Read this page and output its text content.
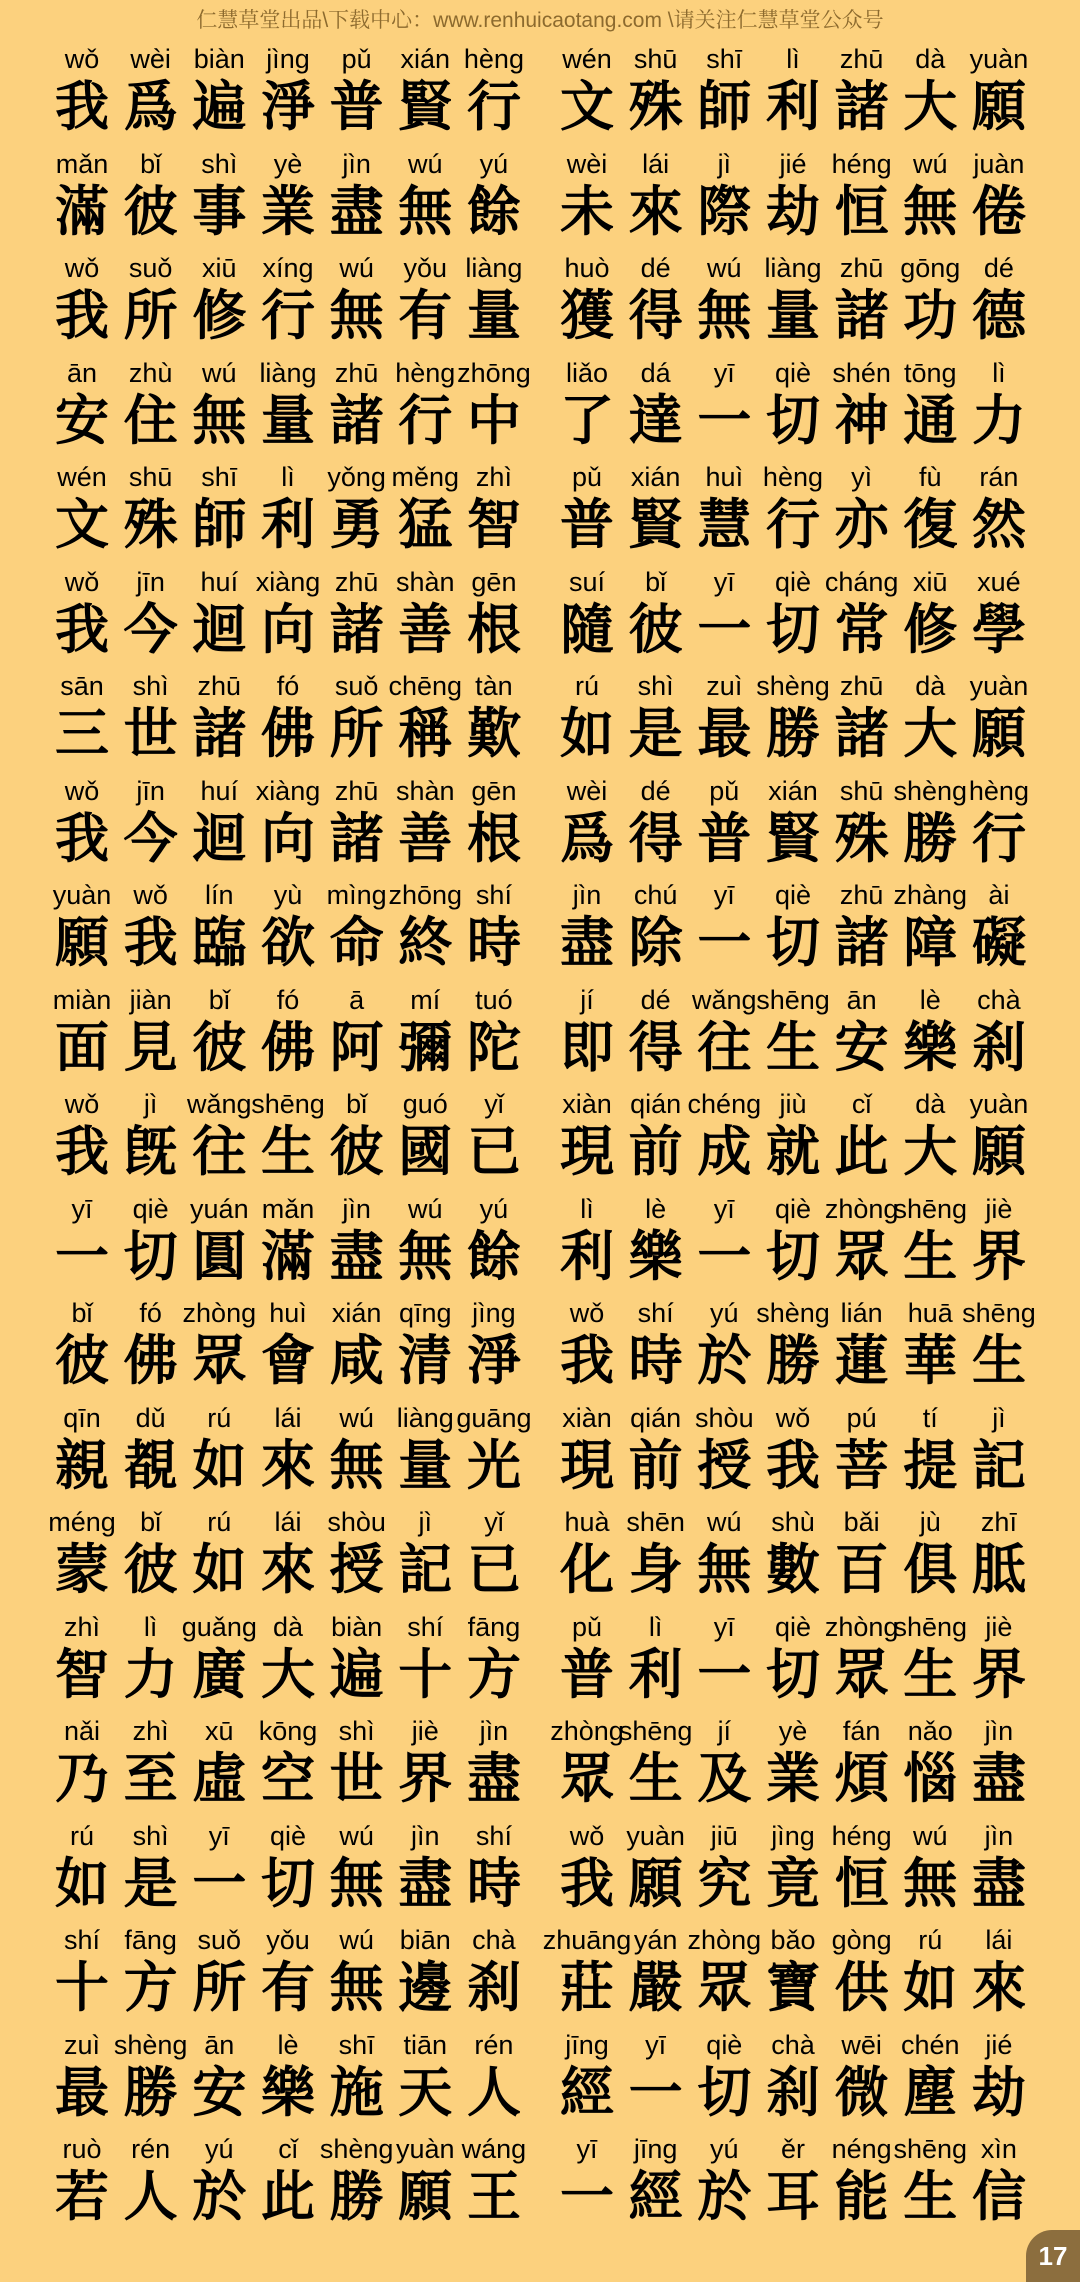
仁慧草堂出品\下载中心：www.renhuicaotang.com \请关注仁慧草堂公众号
wǒ
我
wèi
爲
biàn
遍
jìng
淨
pǔ
普
xián
賢
hèng
行
mǎn
滿
bǐ
彼
shì
事
yè
業
jìn
盡
wú
無
yú
餘
wǒ
我
suǒ
所
xiū
修
xíng
行
wú
無
yǒu
有
liàng
量
ān
安
zhù
住
wú
無
liàng
量
zhū
諸
hèng
行
zhōng
中
wén
文
shū
殊
shī
師
lì
利
yǒng
勇
měng
猛
zhì
智
wǒ
我
jīn
今
huí
迴
xiàng
向
zhū
諸
shàn
善
gēn
根
sān
三
shì
世
zhū
諸
fó
佛
suǒ
所
chēng
稱
tàn
歎
wǒ
我
jīn
今
huí
迴
xiàng
向
zhū
諸
shàn
善
gēn
根
yuàn
願
wǒ
我
lín
臨
yù
欲
mìng
命
zhōng
終
shí
時
miàn
面
jiàn
見
bǐ
彼
fó
佛
ā
阿
mí
彌
tuó
陀
wǒ
我
jì
旣
wǎng
往
shēng
生
bǐ
彼
guó
國
yǐ
已
yī
一
qiè
切
yuán
圓
mǎn
滿
jìn
盡
wú
無
yú
餘
bǐ
彼
fó
佛
zhòng
眾
huì
會
xián
咸
qīng
清
jìng
淨
qīn
親
dǔ
覩
rú
如
lái
來
wú
無
liàng
量
guāng
光
méng
蒙
bǐ
彼
rú
如
lái
來
shòu
授
jì
記
yǐ
已
zhì
智
lì
力
guǎng
廣
dà
大
biàn
遍
shí
十
fāng
方
nǎi
乃
zhì
至
xū
虛
kōng
空
shì
世
jiè
界
jìn
盡
rú
如
shì
是
yī
一
qiè
切
wú
無
jìn
盡
shí
時
shí
十
fāng
方
suǒ
所
yǒu
有
wú
無
biān
邊
chà
刹
zuì
最
shèng
勝
ān
安
lè
樂
shī
施
tiān
天
rén
人
ruò
若
rén
人
yú
於
cǐ
此
shèng
勝
yuàn
願
wáng
王
wén
文
shū
殊
shī
師
lì
利
zhū
諸
dà
大
yuàn
願
wèi
未
lái
來
jì
際
jié
劫
héng
恒
wú
無
juàn
倦
huò
獲
dé
得
wú
無
liàng
量
zhū
諸
gōng
功
dé
德
liǎo
了
dá
達
yī
一
qiè
切
shén
神
tōng
通
lì
力
pǔ
普
xián
賢
huì
慧
hèng
行
yì
亦
fù
復
rán
然
suí
隨
bǐ
彼
yī
一
qiè
切
cháng
常
xiū
修
xué
學
rú
如
shì
是
zuì
最
shèng
勝
zhū
諸
dà
大
yuàn
願
wèi
爲
dé
得
pǔ
普
xián
賢
shū
殊
shèng
勝
hèng
行
jìn
盡
chú
除
yī
一
qiè
切
zhū
諸
zhàng
障
ài
礙
jí
即
dé
得
wǎng
往
shēng
生
ān
安
lè
樂
chà
刹
xiàn
現
qián
前
chéng
成
jiù
就
cǐ
此
dà
大
yuàn
願
lì
利
lè
樂
yī
一
qiè
切
zhòng
眾
shēng
生
jiè
界
wǒ
我
shí
時
yú
於
shèng
勝
lián
蓮
huā
華
shēng
生
xiàn
現
qián
前
shòu
授
wǒ
我
pú
菩
tí
提
jì
記
huà
化
shēn
身
wú
無
shù
數
bǎi
百
jù
俱
zhī
胝
pǔ
普
lì
利
yī
一
qiè
切
zhòng
眾
shēng
生
jiè
界
zhòng
眾
shēng
生
jí
及
yè
業
fán
煩
nǎo
惱
jìn
盡
wǒ
我
yuàn
願
jiū
究
jìng
竟
héng
恒
wú
無
jìn
盡
zhuāng
莊
yán
嚴
zhòng
眾
bǎo
寶
gòng
供
rú
如
lái
來
jīng
經
yī
一
qiè
切
chà
刹
wēi
微
chén
塵
jié
劫
yī
一
jīng
經
yú
於
ěr
耳
néng
能
shēng
生
xìn
信
17
